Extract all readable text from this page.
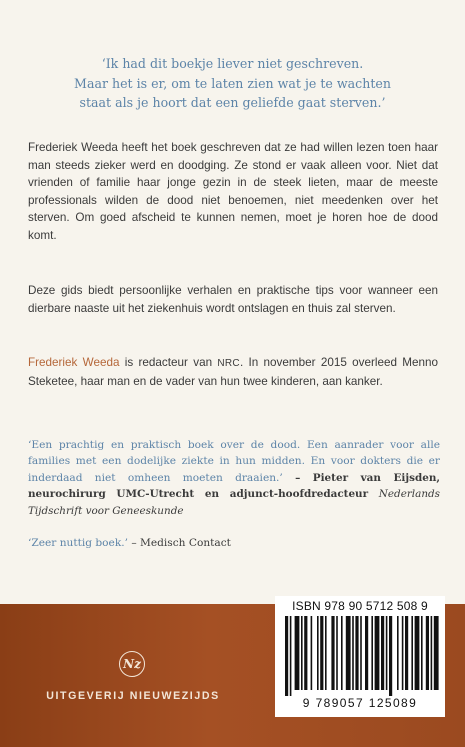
‘Ik had dit boekje liever niet geschreven.
Maar het is er, om te laten zien wat je te wachten
staat als je hoort dat een geliefde gaat sterven.’
Frederiek Weeda heeft het boek geschreven dat ze had willen lezen toen haar man steeds zieker werd en doodging. Ze stond er vaak alleen voor. Niet dat vrienden of familie haar jonge gezin in de steek lieten, maar de meeste professionals wilden de dood niet benoemen, niet meedenken over het sterven. Om goed afscheid te kunnen nemen, moet je horen hoe de dood komt.
Deze gids biedt persoonlijke verhalen en praktische tips voor wanneer een dierbare naaste uit het ziekenhuis wordt ontslagen en thuis zal sterven.
Frederiek Weeda is redacteur van NRC. In november 2015 overleed Menno Steketee, haar man en de vader van hun twee kinderen, aan kanker.
‘Een prachtig en praktisch boek over de dood. Een aanrader voor alle families met een dodelijke ziekte in hun midden. En voor dokters die er inderdaad niet omheen moeten draaien.’ – Pieter van Eijsden, neurochirurg UMC-Utrecht en adjunct-hoofdredacteur Nederlands Tijdschrift voor Geneeskunde
‘Zeer nuttig boek.’ – Medisch Contact
Nz
UITGEVERIJ NIEUWEZIJDS
ISBN 978 90 5712 508 9
9 789057 125089
